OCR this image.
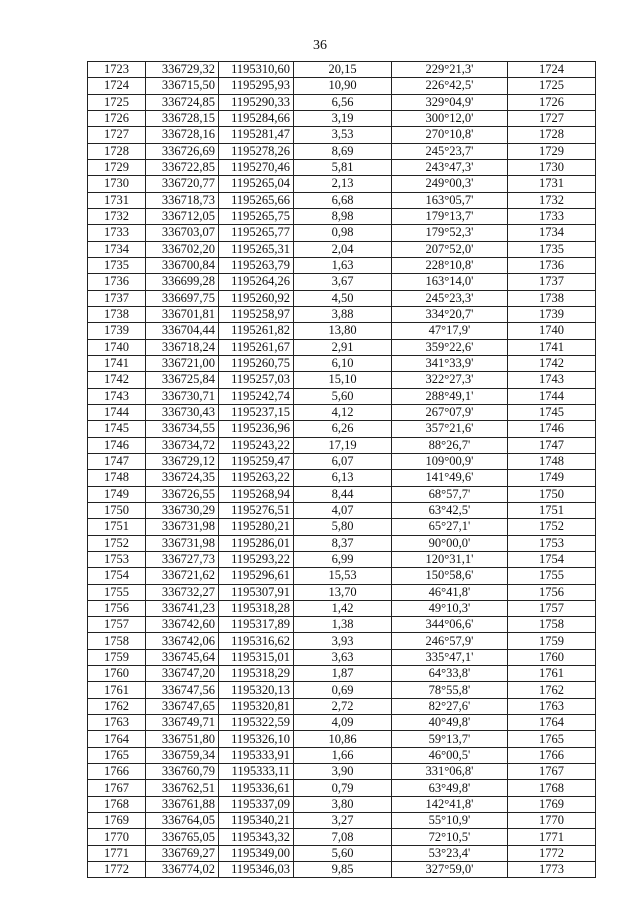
36
1723	336729,32	1195310,60	20,15	229°21,3'	1724
1724	336715,50	1195295,93	10,90	226°42,5'	1725
1725	336724,85	1195290,33	6,56	329°04,9'	1726
1726	336728,15	1195284,66	3,19	300°12,0'	1727
1727	336728,16	1195281,47	3,53	270°10,8'	1728
1728	336726,69	1195278,26	8,69	245°23,7'	1729
1729	336722,85	1195270,46	5,81	243°47,3'	1730
1730	336720,77	1195265,04	2,13	249°00,3'	1731
1731	336718,73	1195265,66	6,68	163°05,7'	1732
1732	336712,05	1195265,75	8,98	179°13,7'	1733
1733	336703,07	1195265,77	0,98	179°52,3'	1734
1734	336702,20	1195265,31	2,04	207°52,0'	1735
1735	336700,84	1195263,79	1,63	228°10,8'	1736
1736	336699,28	1195264,26	3,67	163°14,0'	1737
1737	336697,75	1195260,92	4,50	245°23,3'	1738
1738	336701,81	1195258,97	3,88	334°20,7'	1739
1739	336704,44	1195261,82	13,80	47°17,9'	1740
1740	336718,24	1195261,67	2,91	359°22,6'	1741
1741	336721,00	1195260,75	6,10	341°33,9'	1742
1742	336725,84	1195257,03	15,10	322°27,3'	1743
1743	336730,71	1195242,74	5,60	288°49,1'	1744
1744	336730,43	1195237,15	4,12	267°07,9'	1745
1745	336734,55	1195236,96	6,26	357°21,6'	1746
1746	336734,72	1195243,22	17,19	88°26,7'	1747
1747	336729,12	1195259,47	6,07	109°00,9'	1748
1748	336724,35	1195263,22	6,13	141°49,6'	1749
1749	336726,55	1195268,94	8,44	68°57,7'	1750
1750	336730,29	1195276,51	4,07	63°42,5'	1751
1751	336731,98	1195280,21	5,80	65°27,1'	1752
1752	336731,98	1195286,01	8,37	90°00,0'	1753
1753	336727,73	1195293,22	6,99	120°31,1'	1754
1754	336721,62	1195296,61	15,53	150°58,6'	1755
1755	336732,27	1195307,91	13,70	46°41,8'	1756
1756	336741,23	1195318,28	1,42	49°10,3'	1757
1757	336742,60	1195317,89	1,38	344°06,6'	1758
1758	336742,06	1195316,62	3,93	246°57,9'	1759
1759	336745,64	1195315,01	3,63	335°47,1'	1760
1760	336747,20	1195318,29	1,87	64°33,8'	1761
1761	336747,56	1195320,13	0,69	78°55,8'	1762
1762	336747,65	1195320,81	2,72	82°27,6'	1763
1763	336749,71	1195322,59	4,09	40°49,8'	1764
1764	336751,80	1195326,10	10,86	59°13,7'	1765
1765	336759,34	1195333,91	1,66	46°00,5'	1766
1766	336760,79	1195333,11	3,90	331°06,8'	1767
1767	336762,51	1195336,61	0,79	63°49,8'	1768
1768	336761,88	1195337,09	3,80	142°41,8'	1769
1769	336764,05	1195340,21	3,27	55°10,9'	1770
1770	336765,05	1195343,32	7,08	72°10,5'	1771
1771	336769,27	1195349,00	5,60	53°23,4'	1772
1772	336774,02	1195346,03	9,85	327°59,0'	1773
